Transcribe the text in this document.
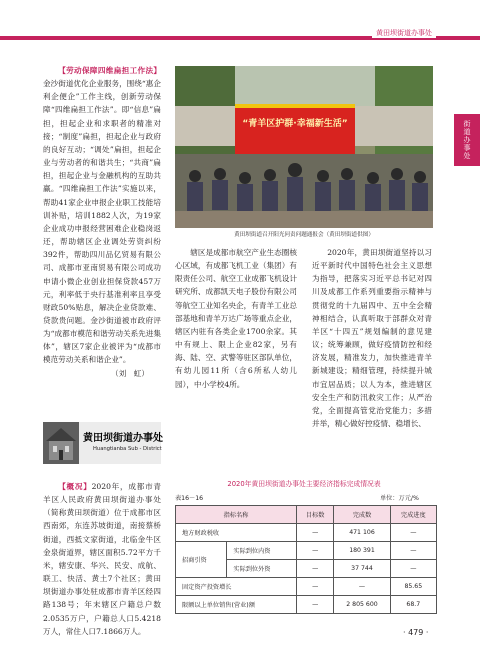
黄田坝街道办事处
街道办事处

【劳动保障四维扁担工作法】金沙街道优化企业服务，围绕“惠企利企便企”工作主线，创新劳动保障“四维扁担工作法”。即“信息”扁担，担起企业和求职者的精准对接；“制度”扁担，担起企业与政府的良好互动；“调处”扁担，担起企业与劳动者的和谐共生；“共商”扁担，担起企业与金融机构的互助共赢。“四维扁担工作法”实施以来，帮助41家企业申报企业职工技能培训补贴，培训1882人次，为19家企业成功申报经营困难企业稳岗返还，帮助辖区企业调处劳资纠纷392件，帮助四川品亿贸易有限公司、成都市亚南贸易有限公司成功申请小微企业创业担保贷款457万元，利率低于央行基准利率且享受财政50%贴息，解决企业贷款难、贷款贵问题。金沙街道被市政府评为“成都市模范和谐劳动关系先进集体”，辖区7家企业被评为“成都市模范劳动关系和谐企业”。

（刘　虹）

黄田坝街道办事处
Huangtianba Sub - District

【概况】2020年，成都市青羊区人民政府黄田坝街道办事处（简称黄田坝街道）位于成都市区西南郊，东连苏坡街道，南接蔡桥街道，西抵文家街道，北临金牛区金泉街道界，辖区面积5.72平方千米，辖安康、华兴、民安、成航、联工、快活、黄土7个社区；黄田坝街道办事处驻成都市青羊区经四路138号；年末辖区户籍总户数2.0535万户，户籍总人口5.4218万人，常住人口7.1866万人。

“青羊区护群·幸福新生活”
黄田坝街道召开阳光问责问题通报会（黄田坝街道供图）

辖区是成都市航空产业生态圈核心区域，有成都飞机工业（集团）有限责任公司、航空工业成都飞机设计研究所、成都凯天电子股份有限公司等航空工业知名央企，有青羊工业总部基地和青羊万达广场等重点企业，辖区内驻有各类企业1700余家。其中有规上、限上企业82家，另有海、陆、空、武警等驻区部队单位，有幼儿园11所（含6所私人幼儿园），中小学校4所。

2020年，黄田坝街道坚持以习近平新时代中国特色社会主义思想为指导，把落实习近平总书记对四川及成都工作系列重要指示精神与贯彻党的十九届四中、五中全会精神相结合，认真听取于部群众对青羊区“十四五”规划编制的意见建议；统筹兼顾，做好疫情防控和经济发展，精准发力，加快推进青羊新城建设；精细管理，持续提升城市宜居品质；以人为本，推进辖区安全生产和防汛救灾工作；从严治党，全面提高管党治党能力；多措并举，精心做好控疫情、稳增长、

2020年黄田坝街道办事处主要经济指标完成情况表
表16－16	单位：万元/%
指标名称		目标数	完成数	完成进度
地方财政税收		—	471 106	—
招商引资	实际到位内资	—	180 391	—
	实际到位外资	—	37 744	—
固定资产投资增长		—	—	85.65
限额以上单位销售(营业)额		—	2 805 600	68.7
· 479 ·
